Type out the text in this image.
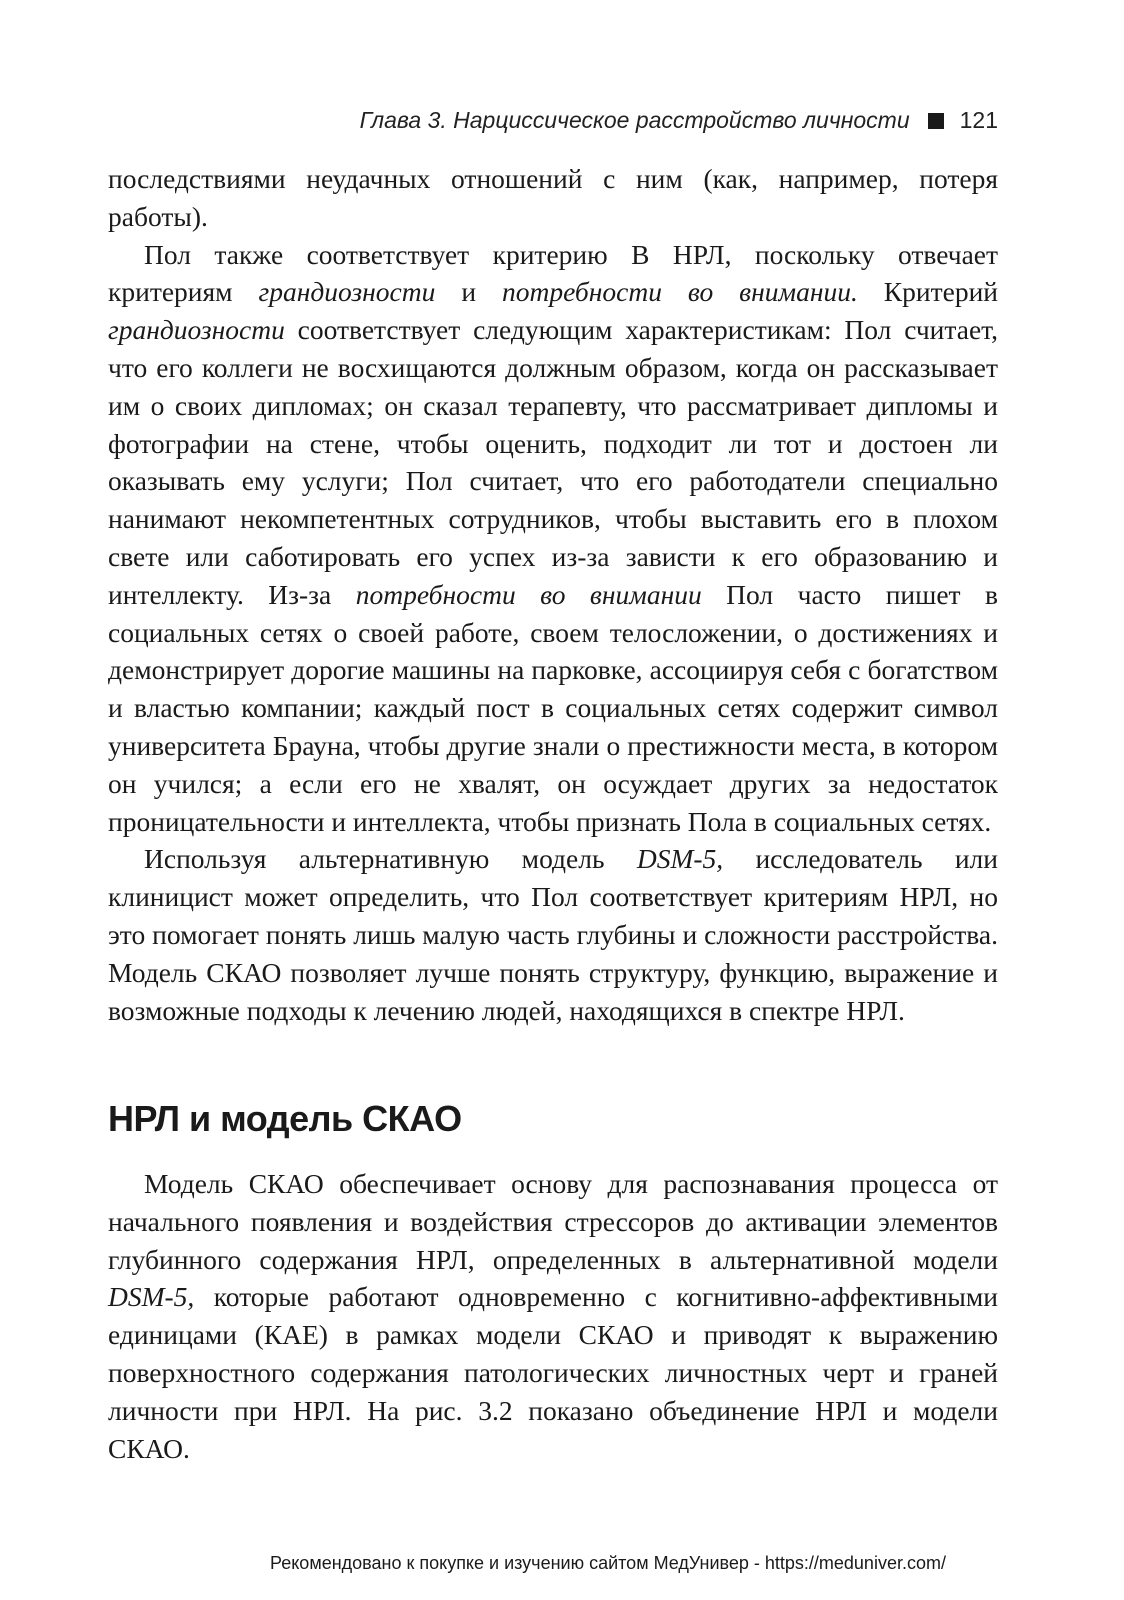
Глава 3. Нарциссическое расстройство личности 121

последствиями неудачных отношений с ним (как, например, потеря работы).

Пол также соответствует критерию В НРЛ, поскольку отвечает критериям грандиозности и потребности во внимании. Критерий грандиозности соответствует следующим характеристикам: Пол считает, что его коллеги не восхищаются должным образом, когда он рассказывает им о своих дипломах; он сказал терапевту, что рассматривает дипломы и фотографии на стене, чтобы оценить, подходит ли тот и достоен ли оказывать ему услуги; Пол считает, что его работодатели специально нанимают некомпетентных сотрудников, чтобы выставить его в плохом свете или саботировать его успех из-за зависти к его образованию и интеллекту. Из-за потребности во внимании Пол часто пишет в социальных сетях о своей работе, своем телосложении, о достижениях и демонстрирует дорогие машины на парковке, ассоциируя себя с богатством и властью компании; каждый пост в социальных сетях содержит символ университета Брауна, чтобы другие знали о престижности места, в котором он учился; а если его не хвалят, он осуждает других за недостаток проницательности и интеллекта, чтобы признать Пола в социальных сетях.

Используя альтернативную модель DSM-5, исследователь или клиницист может определить, что Пол соответствует критериям НРЛ, но это помогает понять лишь малую часть глубины и сложности расстройства. Модель СКАО позволяет лучше понять структуру, функцию, выражение и возможные подходы к лечению людей, находящихся в спектре НРЛ.

НРЛ и модель СКАО

Модель СКАО обеспечивает основу для распознавания процесса от начального появления и воздействия стрессоров до активации элементов глубинного содержания НРЛ, определенных в альтернативной модели DSM-5, которые работают одновременно с когнитивно-аффективными единицами (КАЕ) в рамках модели СКАО и приводят к выражению поверхностного содержания патологических личностных черт и граней личности при НРЛ. На рис. 3.2 показано объединение НРЛ и модели СКАО.

Рекомендовано к покупке и изучению сайтом МедУнивер - https://meduniver.com/
